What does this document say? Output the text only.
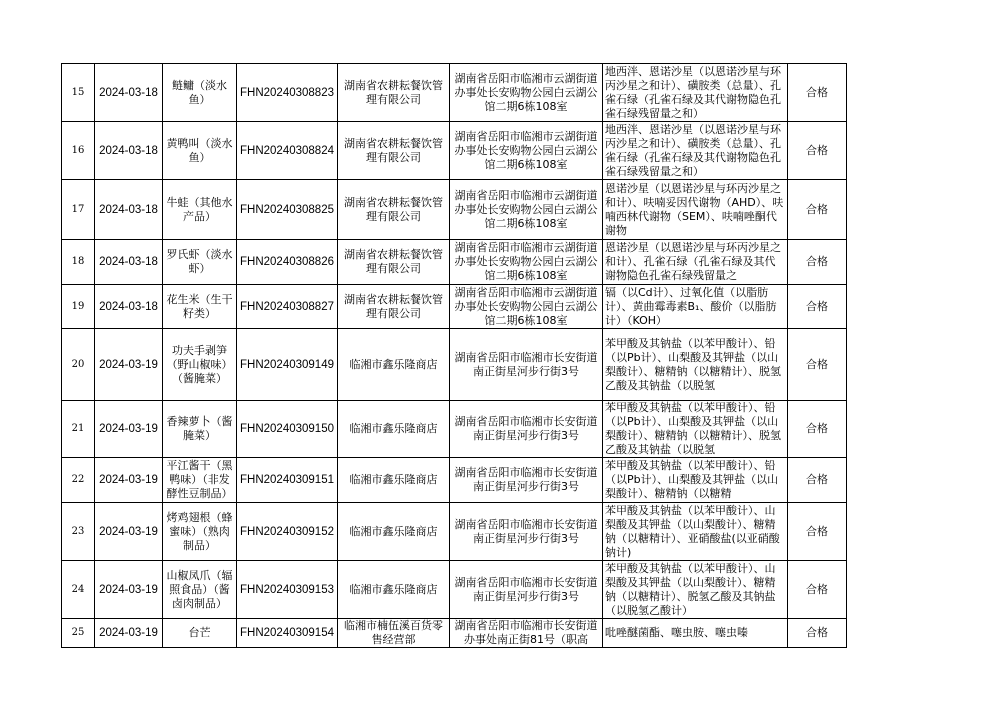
15	2024-03-18	鲢鳙（淡水鱼）	FHN20240308823	湖南省农耕耘餐饮管理有限公司	湖南省岳阳市临湘市云湖街道办事处长安购物公园白云湖公馆二期6栋108室	地西泮、恩诺沙星（以恩诺沙星与环丙沙星之和计）、磺胺类（总量）、孔雀石绿（孔雀石绿及其代谢物隐色孔雀石绿残留量之和）	合格

16	2024-03-18	黄鸭叫（淡水鱼）	FHN20240308824	湖南省农耕耘餐饮管理有限公司	湖南省岳阳市临湘市云湖街道办事处长安购物公园白云湖公馆二期6栋108室	地西泮、恩诺沙星（以恩诺沙星与环丙沙星之和计）、磺胺类（总量）、孔雀石绿（孔雀石绿及其代谢物隐色孔雀石绿残留量之和）	合格

17	2024-03-18	牛蛙（其他水产品）	FHN20240308825	湖南省农耕耘餐饮管理有限公司	湖南省岳阳市临湘市云湖街道办事处长安购物公园白云湖公馆二期6栋108室	恩诺沙星（以恩诺沙星与环丙沙星之和计）、呋喃妥因代谢物（AHD）、呋喃西林代谢物（SEM）、呋喃唑酮代谢物	合格

18	2024-03-18	罗氏虾（淡水虾）	FHN20240308826	湖南省农耕耘餐饮管理有限公司	湖南省岳阳市临湘市云湖街道办事处长安购物公园白云湖公馆二期6栋108室	恩诺沙星（以恩诺沙星与环丙沙星之和计）、孔雀石绿（孔雀石绿及其代谢物隐色孔雀石绿残留量之	合格

19	2024-03-18	花生米（生干籽类）	FHN20240308827	湖南省农耕耘餐饮管理有限公司	湖南省岳阳市临湘市云湖街道办事处长安购物公园白云湖公馆二期6栋108室	镉（以Cd计）、过氧化值（以脂肪计）、黄曲霉毒素B₁、酸价（以脂肪计）（KOH）	合格

20	2024-03-19	功夫手剥笋（野山椒味）（酱腌菜）	FHN20240309149	临湘市鑫乐隆商店	湖南省岳阳市临湘市长安街道南正街星河步行街3号	苯甲酸及其钠盐（以苯甲酸计）、铅（以Pb计）、山梨酸及其钾盐（以山梨酸计）、糖精钠（以糖精计）、脱氢乙酸及其钠盐（以脱氢	合格

21	2024-03-19	香辣萝卜（酱腌菜）	FHN20240309150	临湘市鑫乐隆商店	湖南省岳阳市临湘市长安街道南正街星河步行街3号	苯甲酸及其钠盐（以苯甲酸计）、铅（以Pb计）、山梨酸及其钾盐（以山梨酸计）、糖精钠（以糖精计）、脱氢乙酸及其钠盐（以脱氢	合格

22	2024-03-19	平江酱干（黑鸭味）（非发酵性豆制品）	FHN20240309151	临湘市鑫乐隆商店	湖南省岳阳市临湘市长安街道南正街星河步行街3号	苯甲酸及其钠盐（以苯甲酸计）、铅（以Pb计）、山梨酸及其钾盐（以山梨酸计）、糖精钠（以糖精	合格

23	2024-03-19	烤鸡翅根（蜂蜜味）（熟肉制品）	FHN20240309152	临湘市鑫乐隆商店	湖南省岳阳市临湘市长安街道南正街星河步行街3号	苯甲酸及其钠盐（以苯甲酸计）、山梨酸及其钾盐（以山梨酸计）、糖精钠（以糖精计）、亚硝酸盐(以亚硝酸钠计)	合格

24	2024-03-19	山椒凤爪（辐照食品）（酱卤肉制品）	FHN20240309153	临湘市鑫乐隆商店	湖南省岳阳市临湘市长安街道南正街星河步行街3号	苯甲酸及其钠盐（以苯甲酸计）、山梨酸及其钾盐（以山梨酸计）、糖精钠（以糖精计）、脱氢乙酸及其钠盐（以脱氢乙酸计）	合格

25	2024-03-19	台芒	FHN20240309154	临湘市楠伍溪百货零售经营部	湖南省岳阳市临湘市长安街道办事处南正街81号（职高	吡唑醚菌酯、噻虫胺、噻虫嗪	合格
